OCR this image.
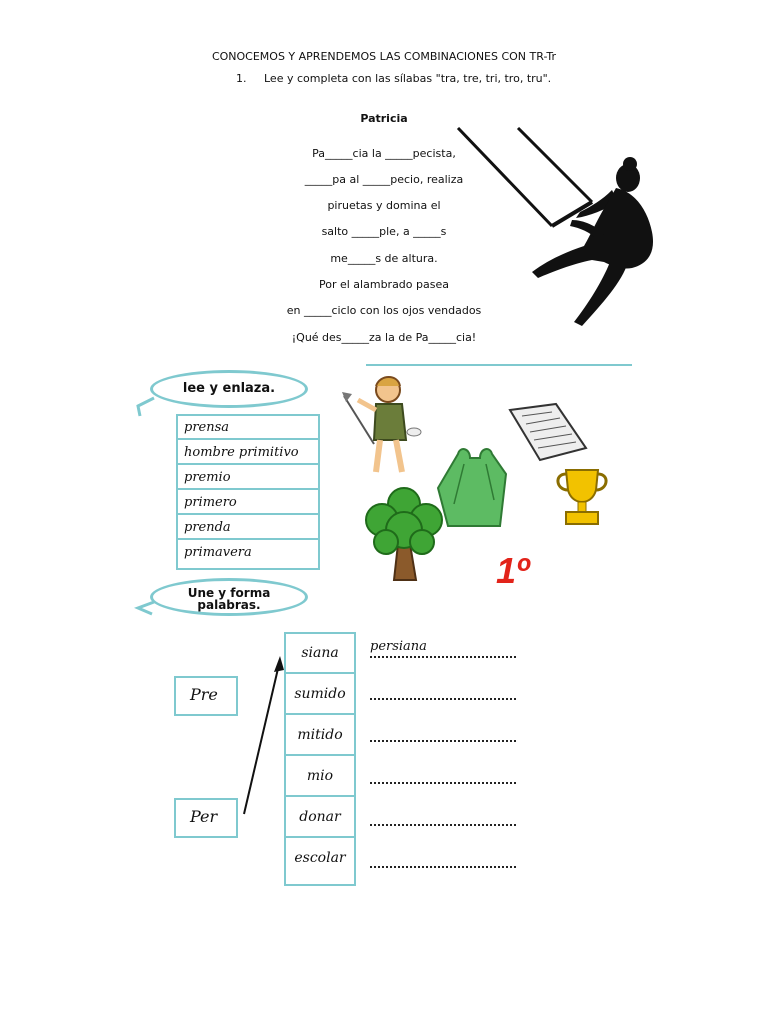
CONOCEMOS Y APRENDEMOS LAS COMBINACIONES CON TR-Tr
1. Lee y completa con las sílabas "tra, tre, tri, tro, tru".
Patricia
Pa_____cia la _____pecista,
_____pa al _____pecio, realiza
piruetas y domina el
salto _____ple, a _____s
me_____s de altura.
Por el alambrado pasea
en _____ciclo con los ojos vendados
¡Qué des_____za la de Pa_____cia!
lee y enlaza.
prensa
hombre primitivo
premio
primero
prenda
primavera	1º
Une y forma
palabras.
Pre
Per
siana
sumido
mitido
mio
donar
escolar
persiana
